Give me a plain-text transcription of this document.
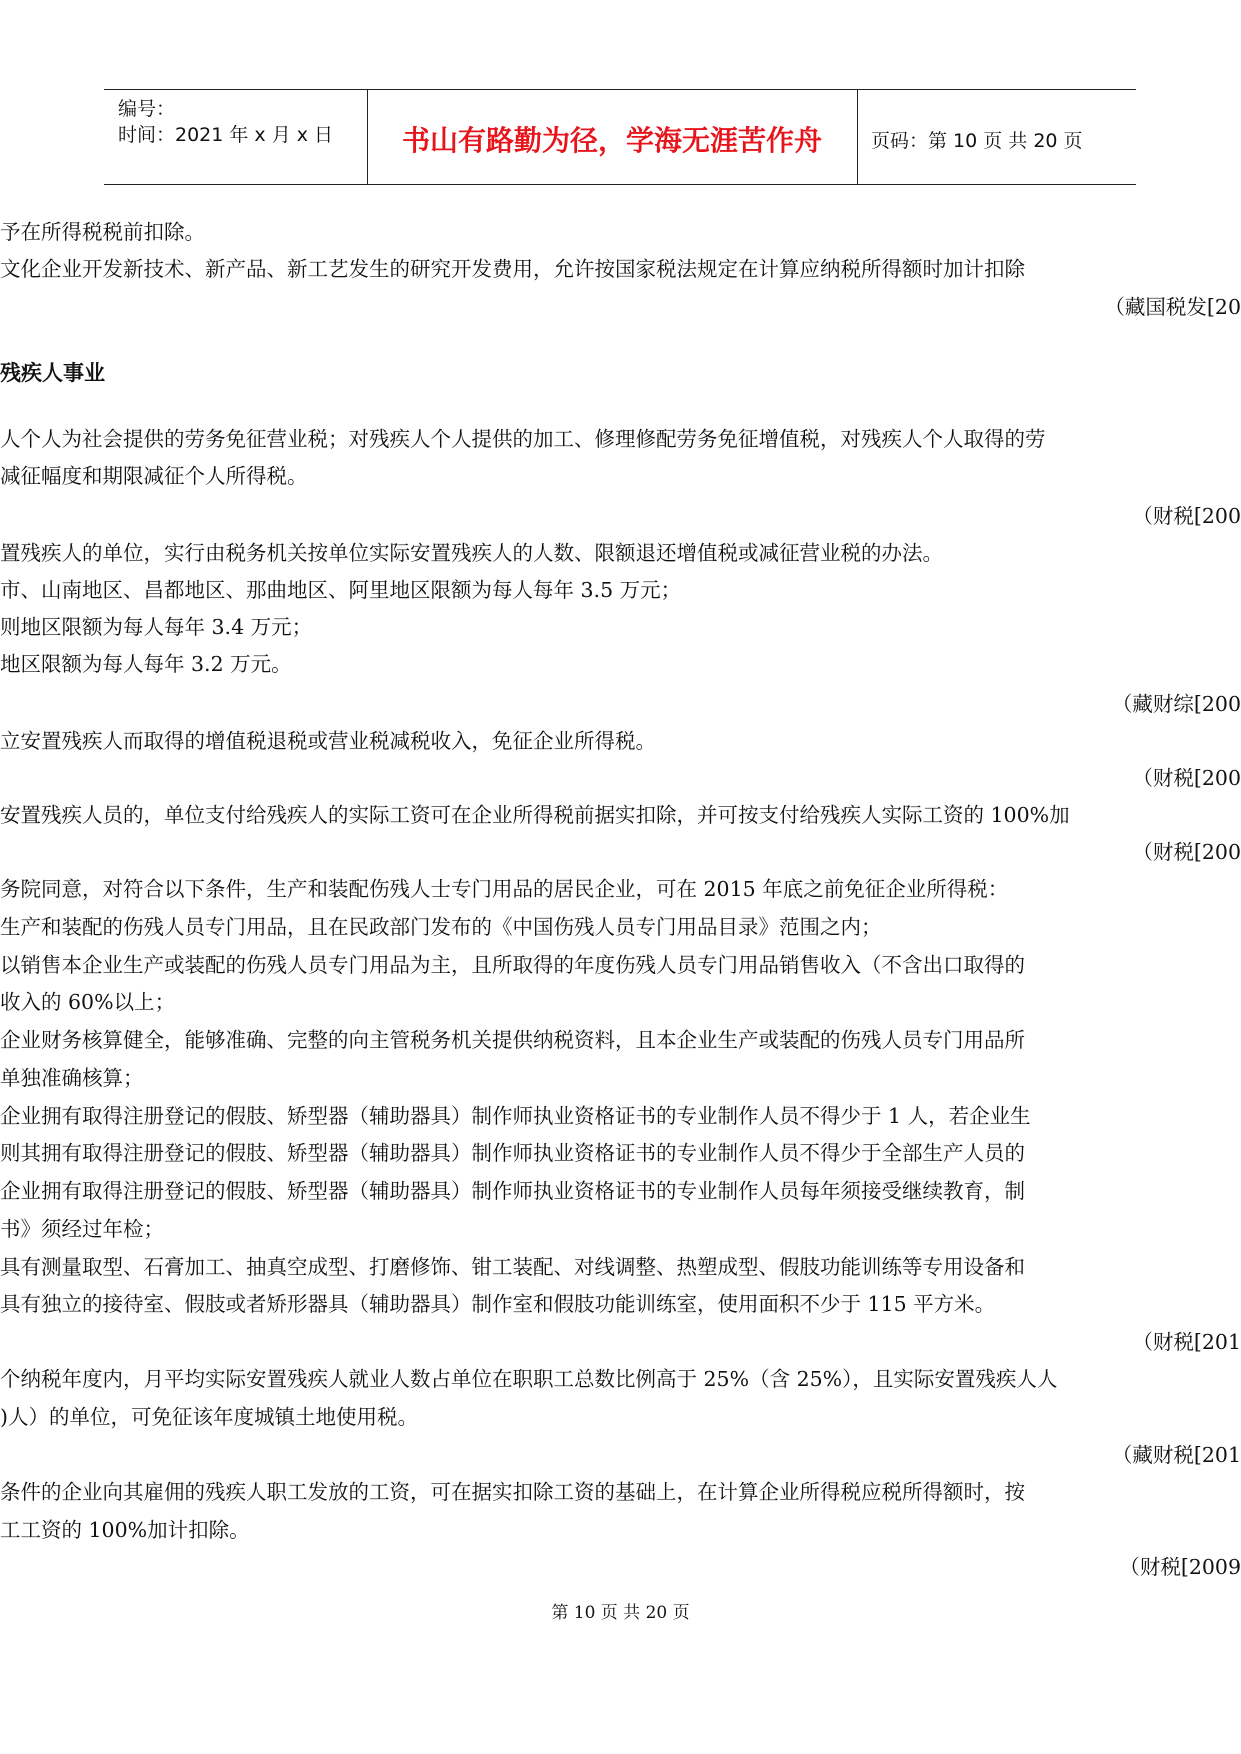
编号：
时间：2021 年 x 月 x 日	书山有路勤为径，学海无涯苦作舟	页码：第 10 页 共 20 页
予在所得税税前扣除。
文化企业开发新技术、新产品、新工艺发生的研究开发费用，允许按国家税法规定在计算应纳税所得额时加计扣除
（藏国税发[20
残疾人事业
人个人为社会提供的劳务免征营业税；对残疾人个人提供的加工、修理修配劳务免征增值税，对残疾人个人取得的劳
减征幅度和期限减征个人所得税。
（财税[200
置残疾人的单位，实行由税务机关按单位实际安置残疾人的人数、限额退还增值税或减征营业税的办法。
市、山南地区、昌都地区、那曲地区、阿里地区限额为每人每年 3.5 万元；
则地区限额为每人每年 3.4 万元；
地区限额为每人每年 3.2 万元。
（藏财综[200
立安置残疾人而取得的增值税退税或营业税减税收入，免征企业所得税。
（财税[200
安置残疾人员的，单位支付给残疾人的实际工资可在企业所得税前据实扣除，并可按支付给残疾人实际工资的 100%加
（财税[200
务院同意，对符合以下条件，生产和装配伤残人士专门用品的居民企业，可在 2015 年底之前免征企业所得税：
生产和装配的伤残人员专门用品，且在民政部门发布的《中国伤残人员专门用品目录》范围之内；
以销售本企业生产或装配的伤残人员专门用品为主，且所取得的年度伤残人员专门用品销售收入（不含出口取得的
收入的 60%以上；
企业财务核算健全，能够准确、完整的向主管税务机关提供纳税资料，且本企业生产或装配的伤残人员专门用品所
单独准确核算；
企业拥有取得注册登记的假肢、矫型器（辅助器具）制作师执业资格证书的专业制作人员不得少于 1 人，若企业生
则其拥有取得注册登记的假肢、矫型器（辅助器具）制作师执业资格证书的专业制作人员不得少于全部生产人员的
企业拥有取得注册登记的假肢、矫型器（辅助器具）制作师执业资格证书的专业制作人员每年须接受继续教育，制
书》须经过年检；
具有测量取型、石膏加工、抽真空成型、打磨修饰、钳工装配、对线调整、热塑成型、假肢功能训练等专用设备和
具有独立的接待室、假肢或者矫形器具（辅助器具）制作室和假肢功能训练室，使用面积不少于 115 平方米。
（财税[201
个纳税年度内，月平均实际安置残疾人就业人数占单位在职职工总数比例高于 25%（含 25%），且实际安置残疾人人
)人）的单位，可免征该年度城镇土地使用税。
（藏财税[201
条件的企业向其雇佣的残疾人职工发放的工资，可在据实扣除工资的基础上，在计算企业所得税应税所得额时，按
工工资的 100%加计扣除。
（财税[2009
第 10 页 共 20 页
